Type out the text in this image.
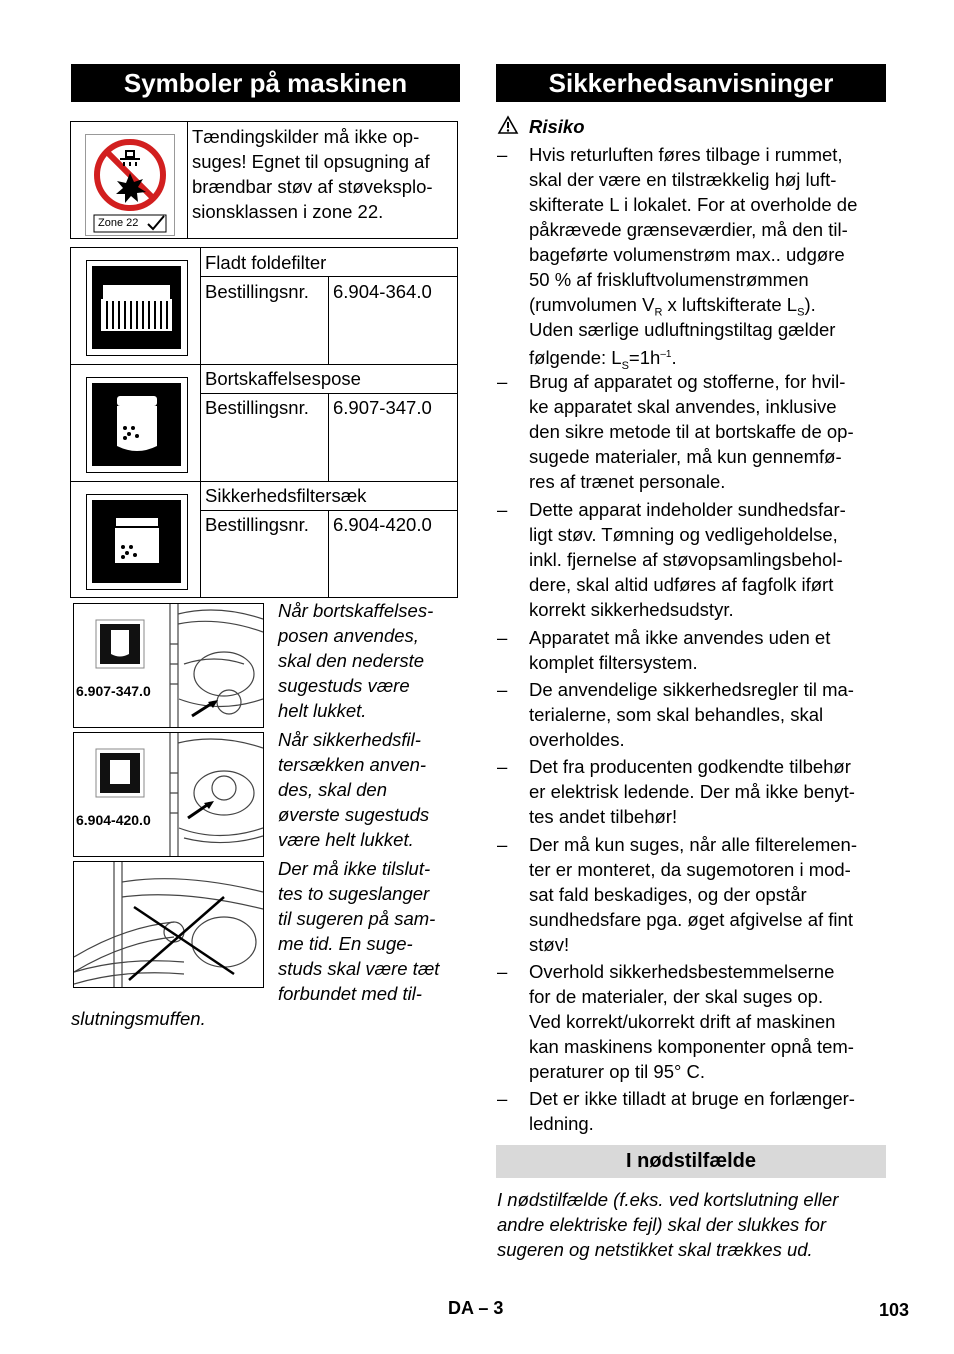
Symboler på maskinen
Zone 22
Tændingskilder må ikke op-
suges! Egnet til opsugning af
brændbar støv af støveksplo-
sionsklassen i zone 22.
Fladt foldefilter
Bestillingsnr. 6.904-364.0
Bortskaffelsespose
Bestillingsnr. 6.907-347.0
Sikkerhedsfiltersæk
Bestillingsnr. 6.904-420.0
6.907-347.0
6.904-420.0
Når bortskaffelses-
posen anvendes,
skal den nederste
sugestuds være
helt lukket.
Når sikkerhedsfil-
tersækken anven-
des, skal den
øverste sugestuds
være helt lukket.
Der må ikke tilslut-
tes to sugeslanger
til sugeren på sam-
me tid. En suge-
studs skal være tæt
forbundet med til-
slutningsmuffen.
Sikkerhedsanvisninger
Risiko
– Hvis returluften føres tilbage i rummet,
skal der være en tilstrækkelig høj luft-
skifterate L i lokalet. For at overholde de
påkrævede grænseværdier, må den til-
bageførte volumenstrøm max.. udgøre
50 % af friskluftvolumenstrømmen
(rumvolumen $V_R$ x luftskifterate $L_S$).
Uden særlige udluftningstiltag gælder
følgende: $L_S=1h^{-1}$.
– Brug af apparatet og stofferne, for hvil-
ke apparatet skal anvendes, inklusive
den sikre metode til at bortskaffe de op-
sugede materialer, må kun gennemfø-
res af trænet personale.
– Dette apparat indeholder sundhedsfar-
ligt støv. Tømning og vedligeholdelse,
inkl. fjernelse af støvopsamlingsbehol-
dere, skal altid udføres af fagfolk iført
korrekt sikkerhedsudstyr.
– Apparatet må ikke anvendes uden et
komplet filtersystem.
– De anvendelige sikkerhedsregler til ma-
terialerne, som skal behandles, skal
overholdes.
– Det fra producenten godkendte tilbehør
er elektrisk ledende. Der må ikke benyt-
tes andet tilbehør!
– Der må kun suges, når alle filterelemen-
ter er monteret, da sugemotoren i mod-
sat fald beskadiges, og der opstår
sundhedsfare pga. øget afgivelse af fint
støv!
– Overhold sikkerhedsbestemmelserne
for de materialer, der skal suges op.
Ved korrekt/ukorrekt drift af maskinen
kan maskinens komponenter opnå tem-
peraturer op til 95° C.
– Det er ikke tilladt at bruge en forlænger-
ledning.
I nødstilfælde
I nødstilfælde (f.eks. ved kortslutning eller
andre elektriske fejl) skal der slukkes for
sugeren og netstikket skal trækkes ud.
DA – 3	103
